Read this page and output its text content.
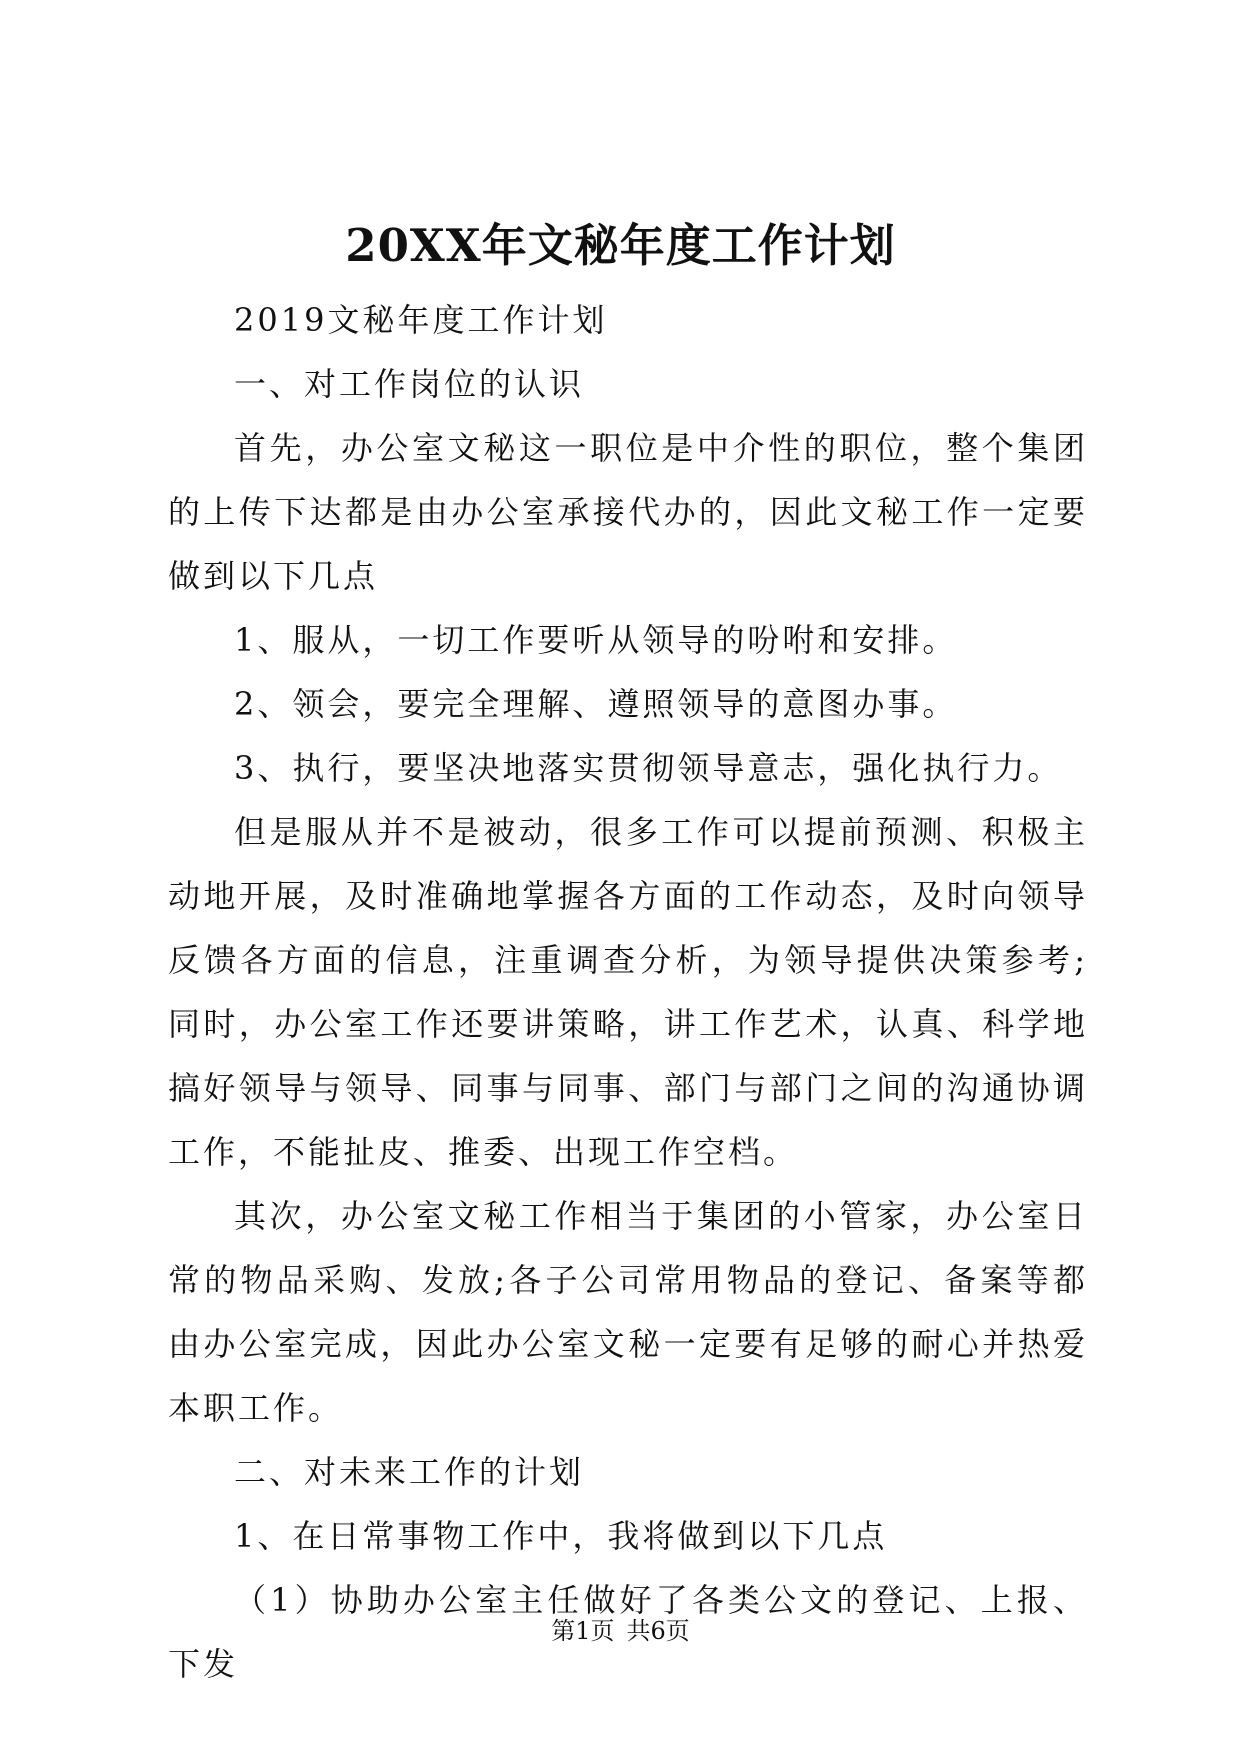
20XX年文秘年度工作计划

2019文秘年度工作计划

一、对工作岗位的认识

首先，办公室文秘这一职位是中介性的职位，整个集团的上传下达都是由办公室承接代办的，因此文秘工作一定要做到以下几点

1、服从，一切工作要听从领导的吩咐和安排。

2、领会，要完全理解、遵照领导的意图办事。

3、执行，要坚决地落实贯彻领导意志，强化执行力。

但是服从并不是被动，很多工作可以提前预测、积极主动地开展，及时准确地掌握各方面的工作动态，及时向领导反馈各方面的信息，注重调查分析，为领导提供决策参考;同时，办公室工作还要讲策略，讲工作艺术，认真、科学地搞好领导与领导、同事与同事、部门与部门之间的沟通协调工作，不能扯皮、推委、出现工作空档。

其次，办公室文秘工作相当于集团的小管家，办公室日常的物品采购、发放;各子公司常用物品的登记、备案等都由办公室完成，因此办公室文秘一定要有足够的耐心并热爱本职工作。

二、对未来工作的计划

1、在日常事物工作中，我将做到以下几点

（1）协助办公室主任做好了各类公文的登记、上报、下发

第1页 共6页
